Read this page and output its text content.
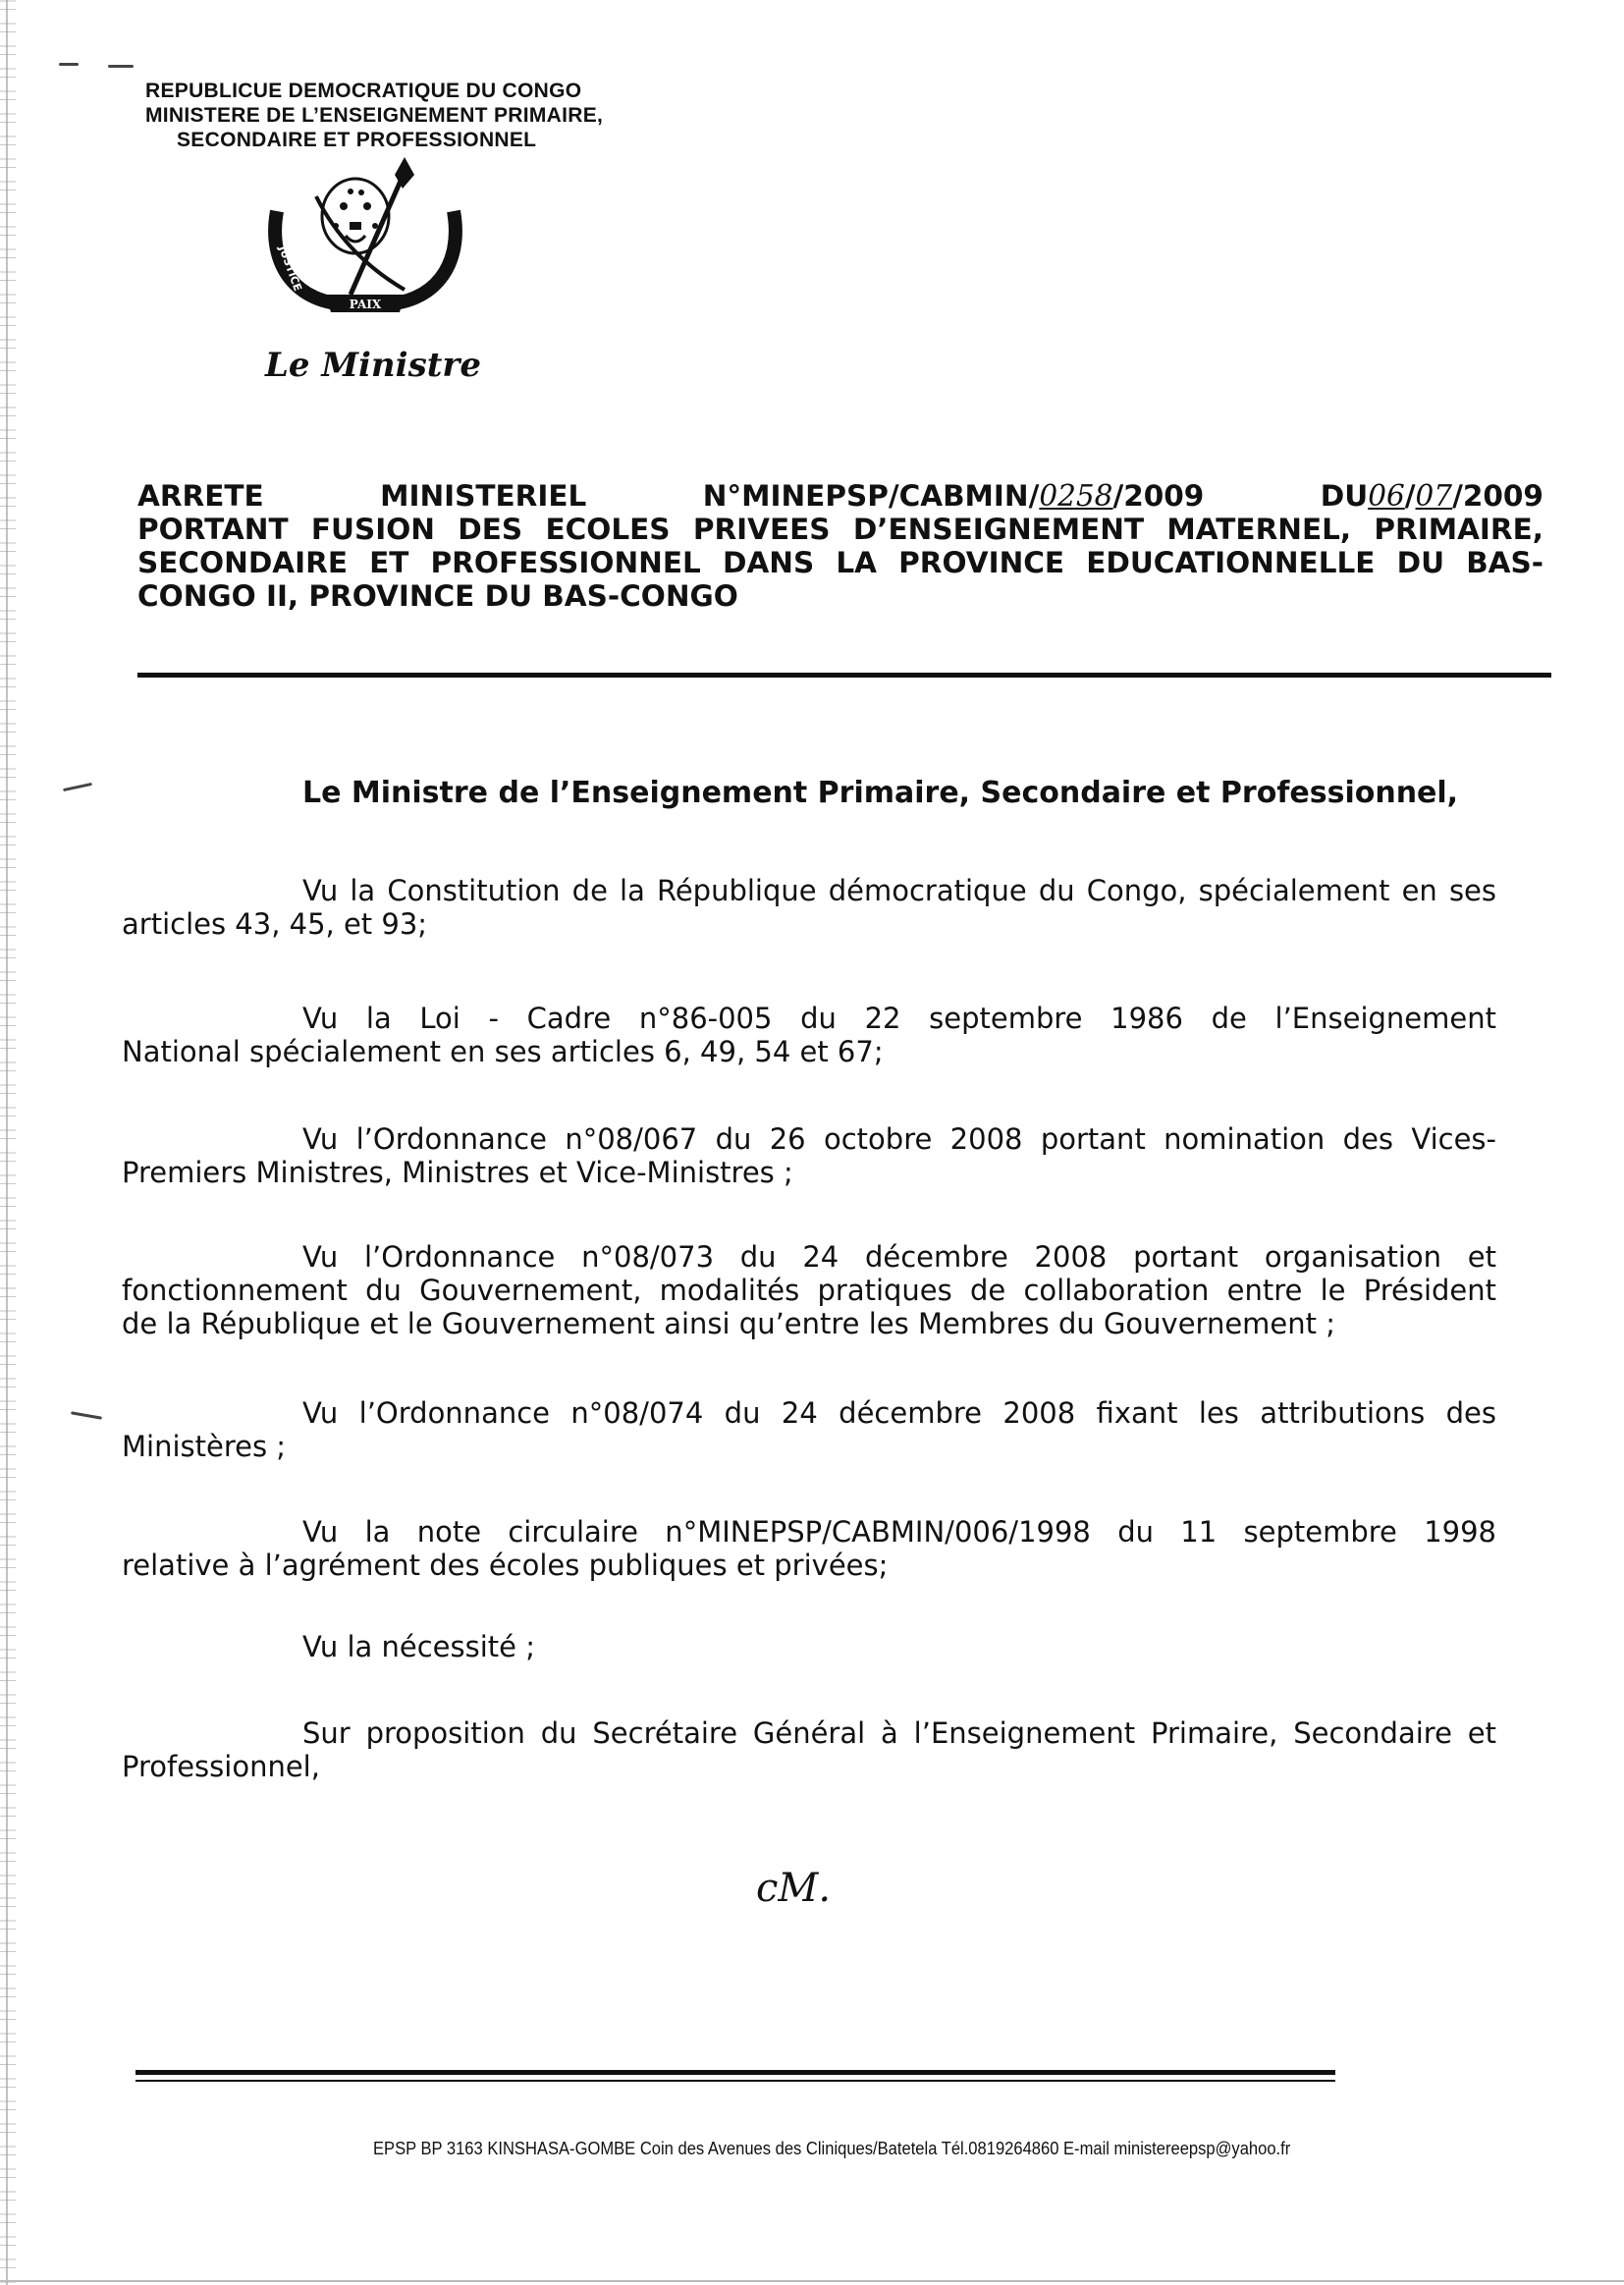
REPUBLICUE DEMOCRATIQUE DU CONGO
MINISTERE DE L’ENSEIGNEMENT PRIMAIRE,
SECONDAIRE ET PROFESSIONNEL
JUSTICE
TRAVAIL
PAIX
Le Ministre
ARRETE	MINISTERIEL	N°MINEPSP/CABMIN/0258/2009	DU06/07/2009
PORTANT FUSION DES ECOLES PRIVEES D’ENSEIGNEMENT MATERNEL, PRIMAIRE,
SECONDAIRE ET PROFESSIONNEL DANS LA PROVINCE EDUCATIONNELLE DU BAS-
CONGO II, PROVINCE DU BAS-CONGO
Le Ministre de l’Enseignement Primaire, Secondaire et Professionnel,
Vu la Constitution de la République démocratique du Congo, spécialement en ses
articles 43, 45, et 93;
Vu la Loi - Cadre n°86-005 du 22 septembre 1986 de l’Enseignement
National spécialement en ses articles 6, 49, 54 et 67;
Vu l’Ordonnance n°08/067 du 26 octobre 2008 portant nomination des Vices-
Premiers Ministres, Ministres et Vice-Ministres ;
Vu l’Ordonnance n°08/073 du 24 décembre 2008 portant organisation et
fonctionnement du Gouvernement, modalités pratiques de collaboration entre le Président
de la République et le Gouvernement ainsi qu’entre les Membres du Gouvernement ;
Vu l’Ordonnance n°08/074 du 24 décembre 2008 fixant les attributions des
Ministères ;
Vu la note circulaire n°MINEPSP/CABMIN/006/1998 du 11 septembre 1998
relative à l’agrément des écoles publiques et privées;
Vu la nécessité ;
Sur proposition du Secrétaire Général à l’Enseignement Primaire, Secondaire et
Professionnel,
cM.
EPSP BP 3163 KINSHASA-GOMBE Coin des Avenues des Cliniques/Batetela Tél.0819264860 E-mail ministereepsp@yahoo.fr
